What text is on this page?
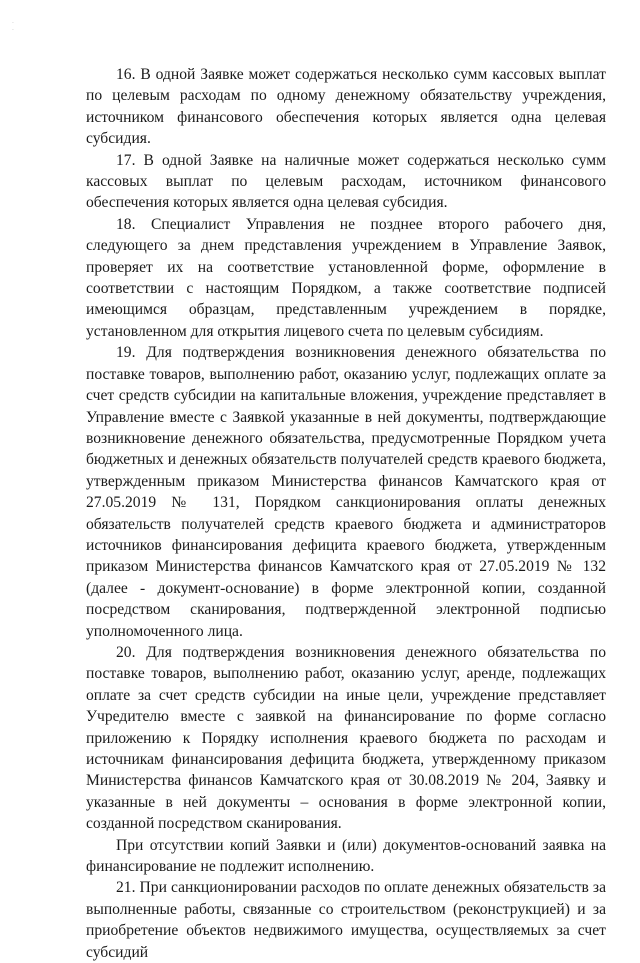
· ·

16. В одной Заявке может содержаться несколько сумм кассовых выплат по целевым расходам по одному денежному обязательству учреждения, источником финансового обеспечения которых является одна целевая субсидия.

17. В одной Заявке на наличные может содержаться несколько сумм кассовых выплат по целевым расходам, источником финансового обеспечения которых является одна целевая субсидия.

18. Специалист Управления не позднее второго рабочего дня, следующего за днем представления учреждением в Управление Заявок, проверяет их на соответствие установленной форме, оформление в соответствии с настоящим Порядком, а также соответствие подписей имеющимся образцам, представленным учреждением в порядке, установленном для открытия лицевого счета по целевым субсидиям.

19. Для подтверждения возникновения денежного обязательства по поставке товаров, выполнению работ, оказанию услуг, подлежащих оплате за счет средств субсидии на капитальные вложения, учреждение представляет в Управление вместе с Заявкой указанные в ней документы, подтверждающие возникновение денежного обязательства, предусмотренные Порядком учета бюджетных и денежных обязательств получателей средств краевого бюджета, утвержденным приказом Министерства финансов Камчатского края от 27.05.2019 № 131, Порядком санкционирования оплаты денежных обязательств получателей средств краевого бюджета и администраторов источников финансирования дефицита краевого бюджета, утвержденным приказом Министерства финансов Камчатского края от 27.05.2019 № 132 (далее - документ-основание) в форме электронной копии, созданной посредством сканирования, подтвержденной электронной подписью уполномоченного лица.

20. Для подтверждения возникновения денежного обязательства по поставке товаров, выполнению работ, оказанию услуг, аренде, подлежащих оплате за счет средств субсидии на иные цели, учреждение представляет Учредителю вместе с заявкой на финансирование по форме согласно приложению к Порядку исполнения краевого бюджета по расходам и источникам финансирования дефицита бюджета, утвержденному приказом Министерства финансов Камчатского края от 30.08.2019 № 204, Заявку и указанные в ней документы – основания в форме электронной копии, созданной посредством сканирования.

При отсутствии копий Заявки и (или) документов-оснований заявка на финансирование не подлежит исполнению.

21. При санкционировании расходов по оплате денежных обязательств за выполненные работы, связанные со строительством (реконструкцией) и за приобретение объектов недвижимого имущества, осуществляемых за счет субсидий
